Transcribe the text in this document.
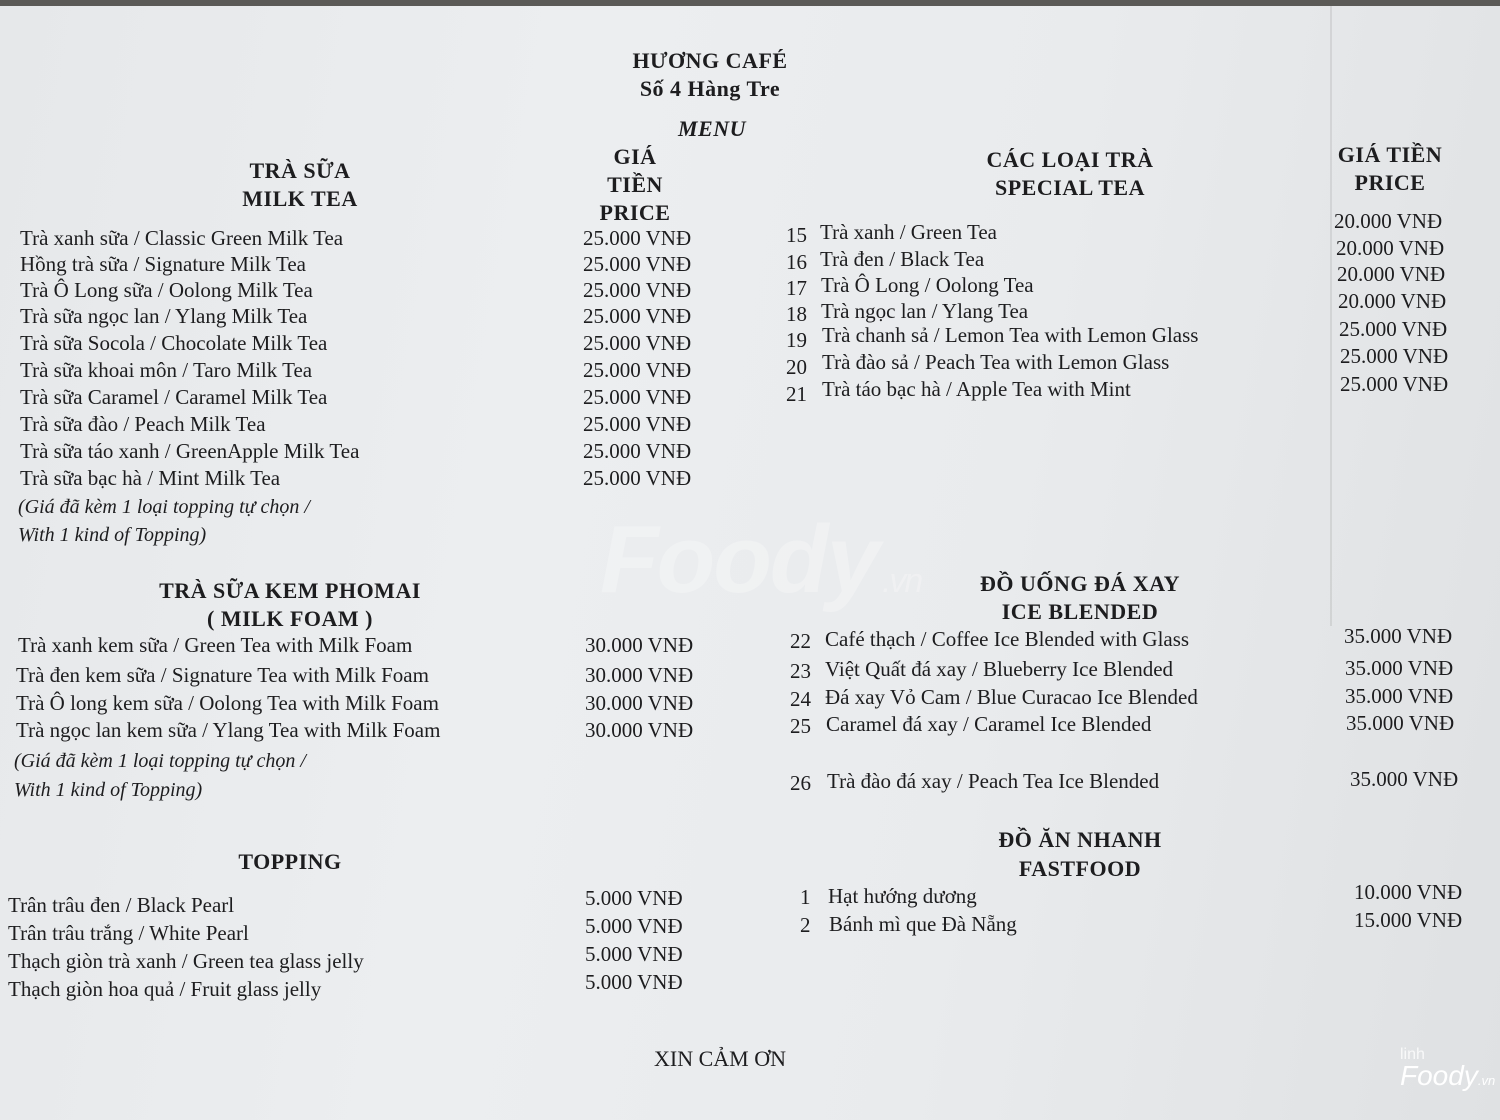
HƯƠNG CAFÉ
Số 4 Hàng Tre
MENU
TRÀ SỮA
MILK TEA
GIÁ
TIỀN
PRICE
Trà xanh sữa / Classic Green Milk Tea	25.000 VNĐ
Hồng trà sữa / Signature Milk Tea	25.000 VNĐ
Trà Ô Long sữa / Oolong Milk Tea	25.000 VNĐ
Trà sữa ngọc lan / Ylang Milk Tea	25.000 VNĐ
Trà sữa Socola / Chocolate Milk Tea	25.000 VNĐ
Trà sữa khoai môn / Taro Milk Tea	25.000 VNĐ
Trà sữa Caramel / Caramel Milk Tea	25.000 VNĐ
Trà sữa đào / Peach Milk Tea	25.000 VNĐ
Trà sữa táo xanh / GreenApple Milk Tea	25.000 VNĐ
Trà sữa bạc hà / Mint Milk Tea	25.000 VNĐ
(Giá đã kèm 1 loại topping tự chọn /
With 1 kind of Topping)
TRÀ SỮA KEM PHOMAI
( MILK FOAM )
Trà xanh kem sữa / Green Tea with Milk Foam	30.000 VNĐ
Trà đen kem sữa / Signature Tea with Milk Foam	30.000 VNĐ
Trà Ô long kem sữa / Oolong Tea with Milk Foam	30.000 VNĐ
Trà ngọc lan kem sữa / Ylang Tea with Milk Foam	30.000 VNĐ
(Giá đã kèm 1 loại topping tự chọn /
With 1 kind of Topping)
TOPPING
Trân trâu đen / Black Pearl	5.000 VNĐ
Trân trâu trắng / White Pearl	5.000 VNĐ
Thạch giòn trà xanh / Green tea glass jelly	5.000 VNĐ
Thạch giòn hoa quả / Fruit glass jelly	5.000 VNĐ
CÁC LOẠI TRÀ
SPECIAL TEA
GIÁ TIỀN
PRICE
15 Trà xanh / Green Tea	20.000 VNĐ
16 Trà đen / Black Tea	20.000 VNĐ
17 Trà Ô Long / Oolong Tea	20.000 VNĐ
18 Trà ngọc lan / Ylang Tea	20.000 VNĐ
19 Trà chanh sả / Lemon Tea with Lemon Glass	25.000 VNĐ
20 Trà đào sả / Peach Tea with Lemon Glass	25.000 VNĐ
21 Trà táo bạc hà / Apple Tea with Mint	25.000 VNĐ
ĐỒ UỐNG ĐÁ XAY
ICE BLENDED
22 Café thạch / Coffee Ice Blended with Glass	35.000 VNĐ
23 Việt Quất đá xay / Blueberry Ice Blended	35.000 VNĐ
24 Đá xay Vỏ Cam / Blue Curacao Ice Blended	35.000 VNĐ
25 Caramel đá xay / Caramel Ice Blended	35.000 VNĐ
26 Trà đào đá xay / Peach Tea Ice Blended	35.000 VNĐ
ĐỒ ĂN NHANH
FASTFOOD
1 Hạt hướng dương	10.000 VNĐ
2 Bánh mì que Đà Nẵng	15.000 VNĐ
XIN CẢM ƠN
Foody .vn
linh
Foody.vn
